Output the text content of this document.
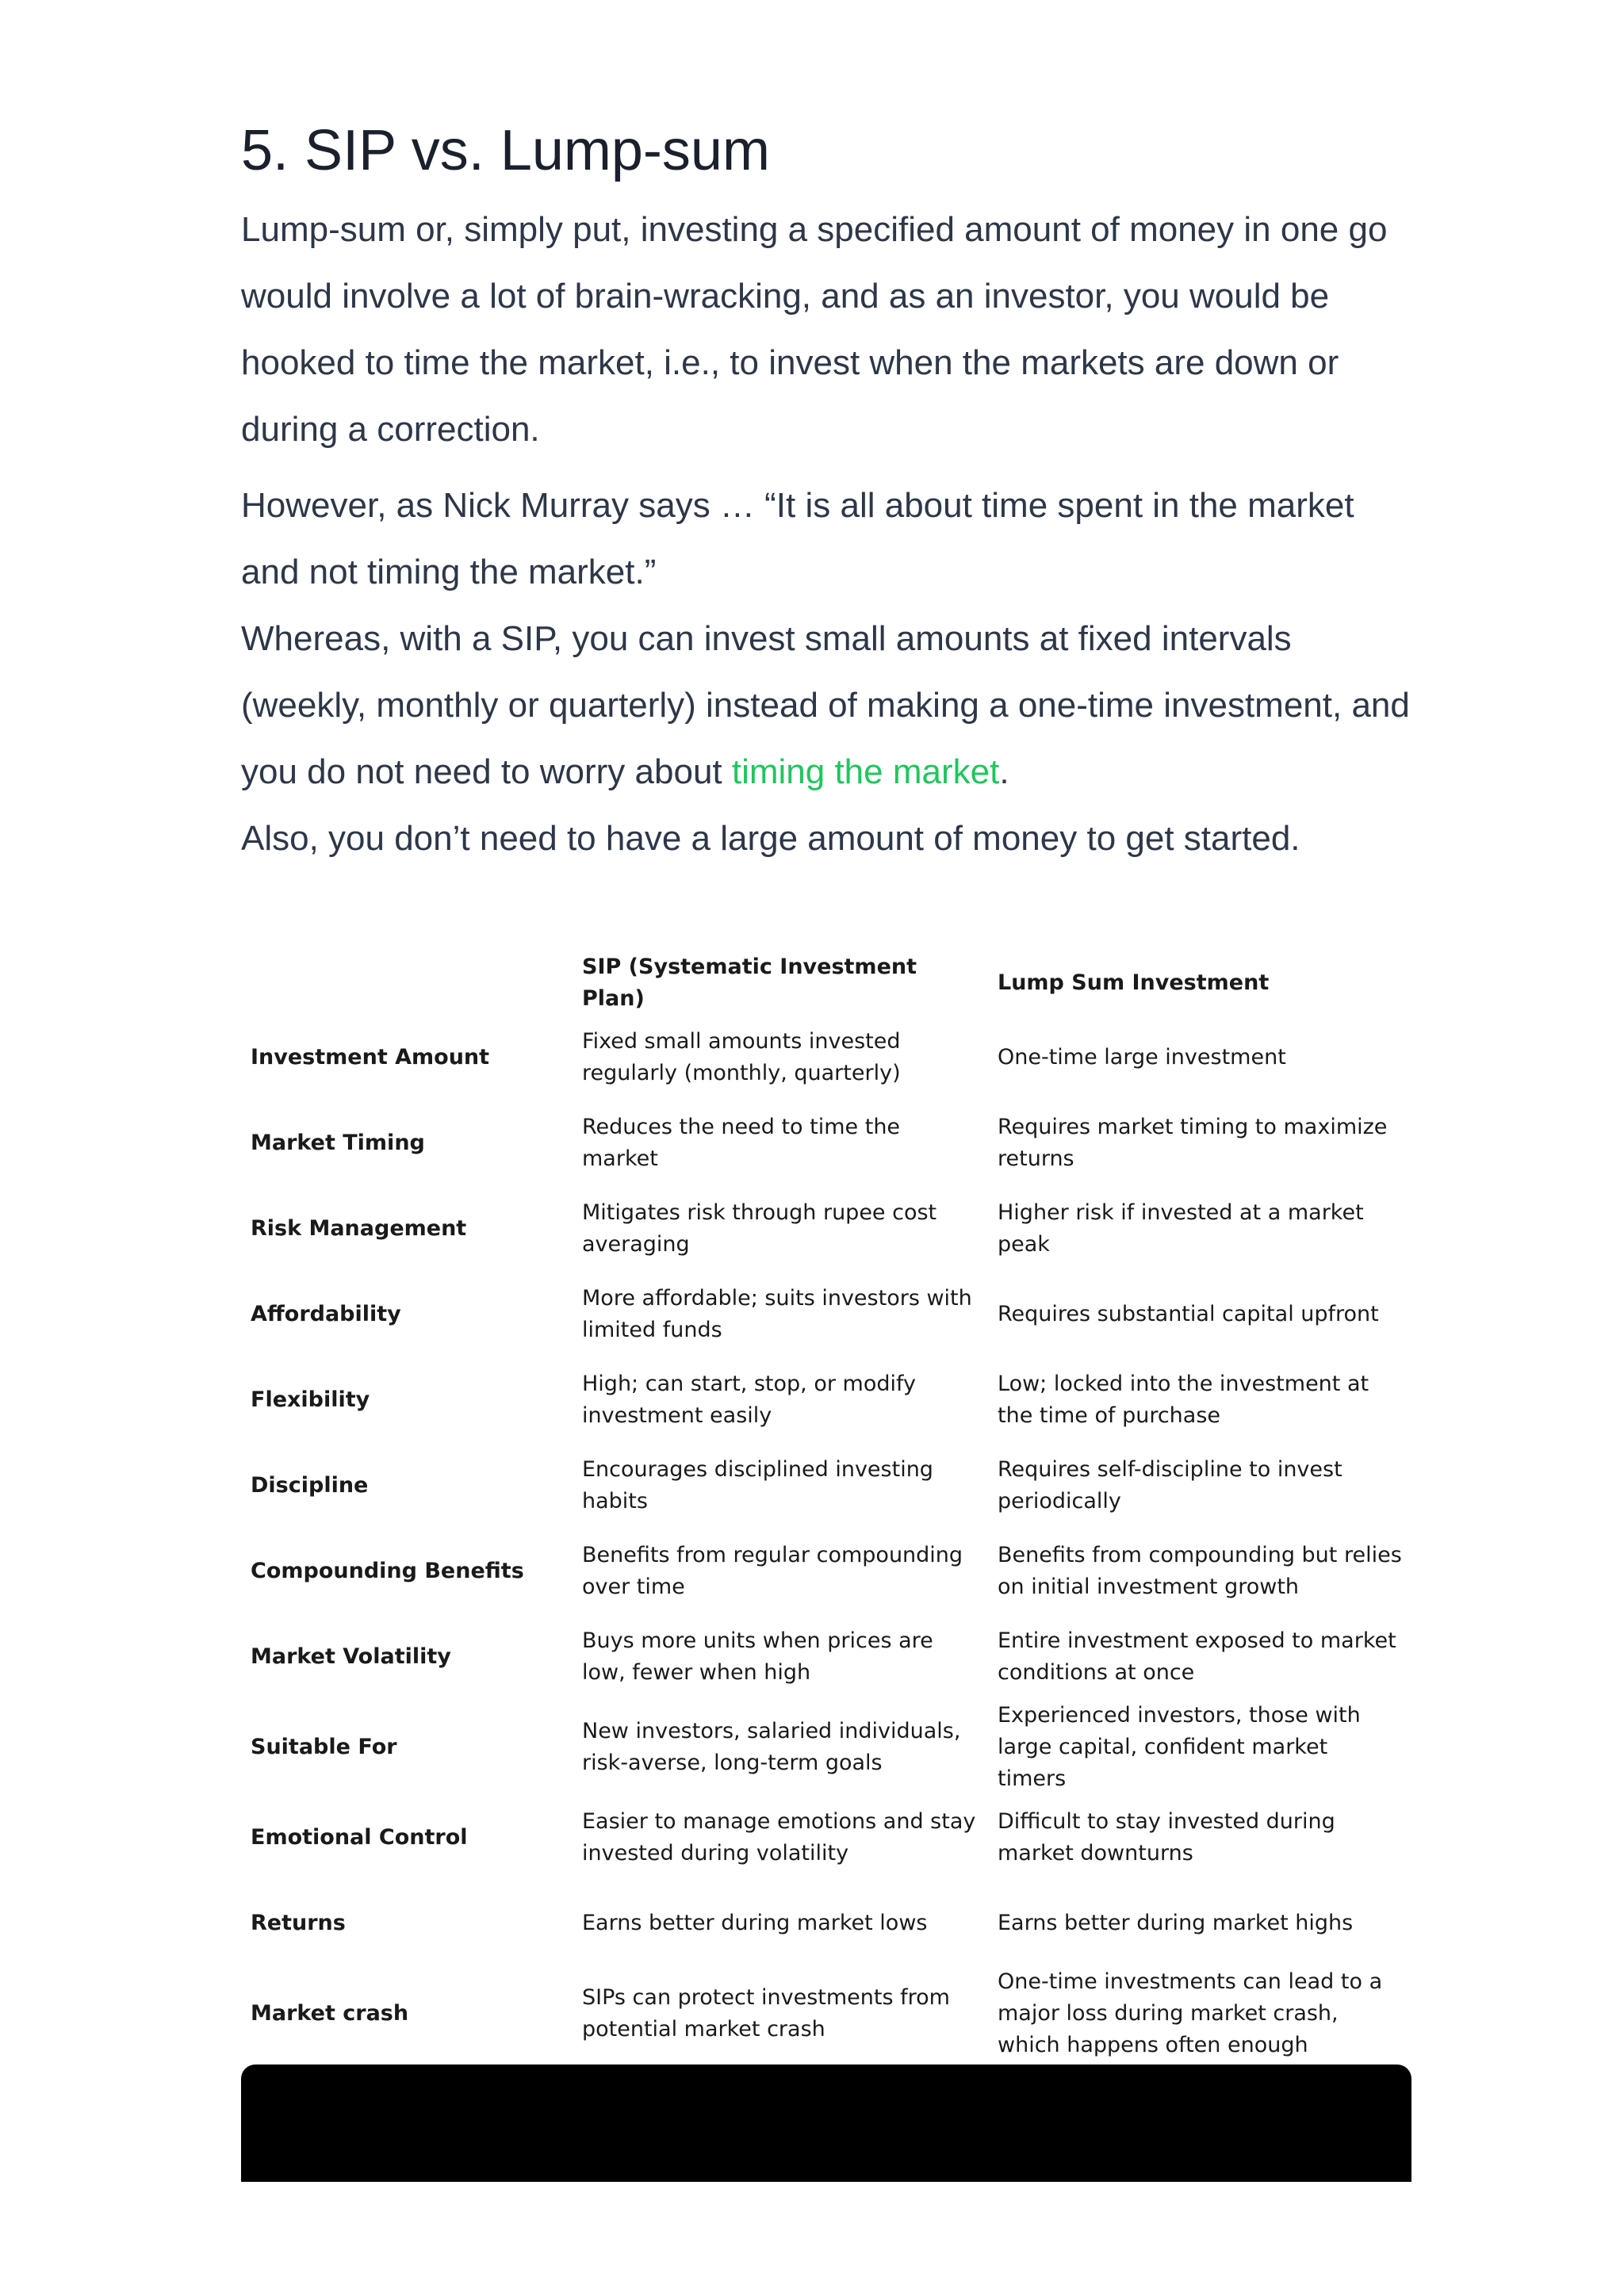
5. SIP vs. Lump-sum

Lump-sum or, simply put, investing a specified amount of money in one go would involve a lot of brain-wracking, and as an investor, you would be hooked to time the market, i.e., to invest when the markets are down or during a correction.

However, as Nick Murray says … “It is all about time spent in the market and not timing the market.”

Whereas, with a SIP, you can invest small amounts at fixed intervals (weekly, monthly or quarterly) instead of making a one-time investment, and you do not need to worry about timing the market.

Also, you don’t need to have a large amount of money to get started.

	SIP (Systematic Investment Plan)	Lump Sum Investment
Investment Amount	Fixed small amounts invested regularly (monthly, quarterly)	One-time large investment
Market Timing	Reduces the need to time the market	Requires market timing to maximize returns
Risk Management	Mitigates risk through rupee cost averaging	Higher risk if invested at a market peak
Affordability	More affordable; suits investors with limited funds	Requires substantial capital upfront
Flexibility	High; can start, stop, or modify investment easily	Low; locked into the investment at the time of purchase
Discipline	Encourages disciplined investing habits	Requires self-discipline to invest periodically
Compounding Benefits	Benefits from regular compounding over time	Benefits from compounding but relies on initial investment growth
Market Volatility	Buys more units when prices are low, fewer when high	Entire investment exposed to market conditions at once
Suitable For	New investors, salaried individuals, risk-averse, long-term goals	Experienced investors, those with large capital, confident market timers
Emotional Control	Easier to manage emotions and stay invested during volatility	Difficult to stay invested during market downturns
Returns	Earns better during market lows	Earns better during market highs
Market crash	SIPs can protect investments from potential market crash	One-time investments can lead to a major loss during market crash, which happens often enough
